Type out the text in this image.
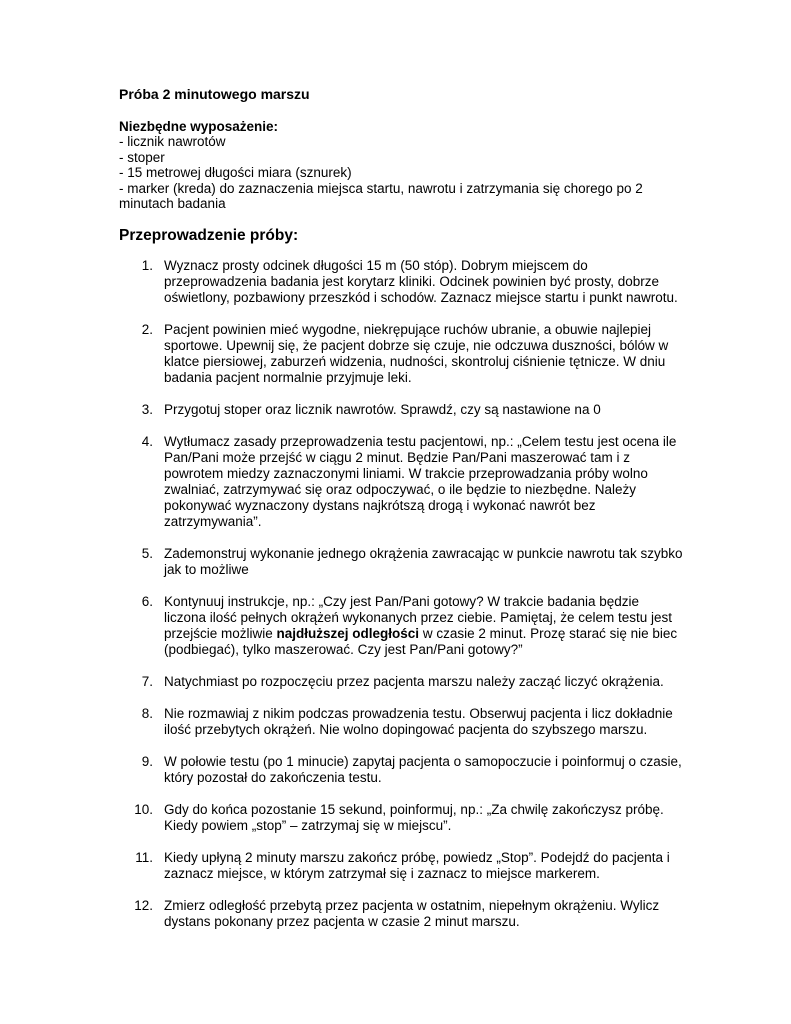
Próba 2 minutowego marszu
Niezbędne wyposażenie:
- licznik nawrotów
- stoper
- 15 metrowej długości miara (sznurek)
- marker (kreda) do zaznaczenia miejsca startu, nawrotu i zatrzymania się chorego po 2 minutach badania
Przeprowadzenie próby:
1. Wyznacz prosty odcinek długości 15 m (50 stóp). Dobrym miejscem do przeprowadzenia badania jest korytarz kliniki. Odcinek powinien być prosty, dobrze oświetlony, pozbawiony przeszkód i schodów. Zaznacz miejsce startu i punkt nawrotu.
2. Pacjent powinien mieć wygodne, niekrępujące ruchów ubranie, a obuwie najlepiej sportowe. Upewnij się, że pacjent dobrze się czuje, nie odczuwa duszności, bólów w klatce piersiowej, zaburzeń widzenia, nudności, skontroluj ciśnienie tętnicze. W dniu badania pacjent normalnie przyjmuje leki.
3. Przygotuj stoper oraz licznik nawrotów. Sprawdź, czy są nastawione na 0
4. Wytłumacz zasady przeprowadzenia testu pacjentowi, np.: „Celem testu jest ocena ile Pan/Pani może przejść w ciągu 2 minut. Będzie Pan/Pani maszerować tam i z powrotem miedzy zaznaczonymi liniami. W trakcie przeprowadzania próby wolno zwalniać, zatrzymywać się oraz odpoczywać, o ile będzie to niezbędne. Należy pokonywać wyznaczony dystans najkrótszą drogą i wykonać nawrót bez zatrzymywania”.
5. Zademonstruj wykonanie jednego okrążenia zawracając w punkcie nawrotu tak szybko jak to możliwe
6. Kontynuuj instrukcje, np.: „Czy jest Pan/Pani gotowy? W trakcie badania będzie liczona ilość pełnych okrążeń wykonanych przez ciebie. Pamiętaj, że celem testu jest przejście możliwie najdłuższej odległości w czasie 2 minut. Prozę starać się nie biec (podbiegać), tylko maszerować. Czy jest Pan/Pani gotowy?”
7. Natychmiast po rozpoczęciu przez pacjenta marszu należy zacząć liczyć okrążenia.
8. Nie rozmawiaj z nikim podczas prowadzenia testu. Obserwuj pacjenta i licz dokładnie ilość przebytych okrążeń. Nie wolno dopingować pacjenta do szybszego marszu.
9. W połowie testu (po 1 minucie) zapytaj pacjenta o samopoczucie i poinformuj o czasie, który pozostał do zakończenia testu.
10. Gdy do końca pozostanie 15 sekund, poinformuj, np.: „Za chwilę zakończysz próbę. Kiedy powiem „stop” – zatrzymaj się w miejscu”.
11. Kiedy upłyną 2 minuty marszu zakończ próbę, powiedz „Stop”. Podejdź do pacjenta i zaznacz miejsce, w którym zatrzymał się i zaznacz to miejsce markerem.
12. Zmierz odległość przebytą przez pacjenta w ostatnim, niepełnym okrążeniu. Wylicz dystans pokonany przez pacjenta w czasie 2 minut marszu.
